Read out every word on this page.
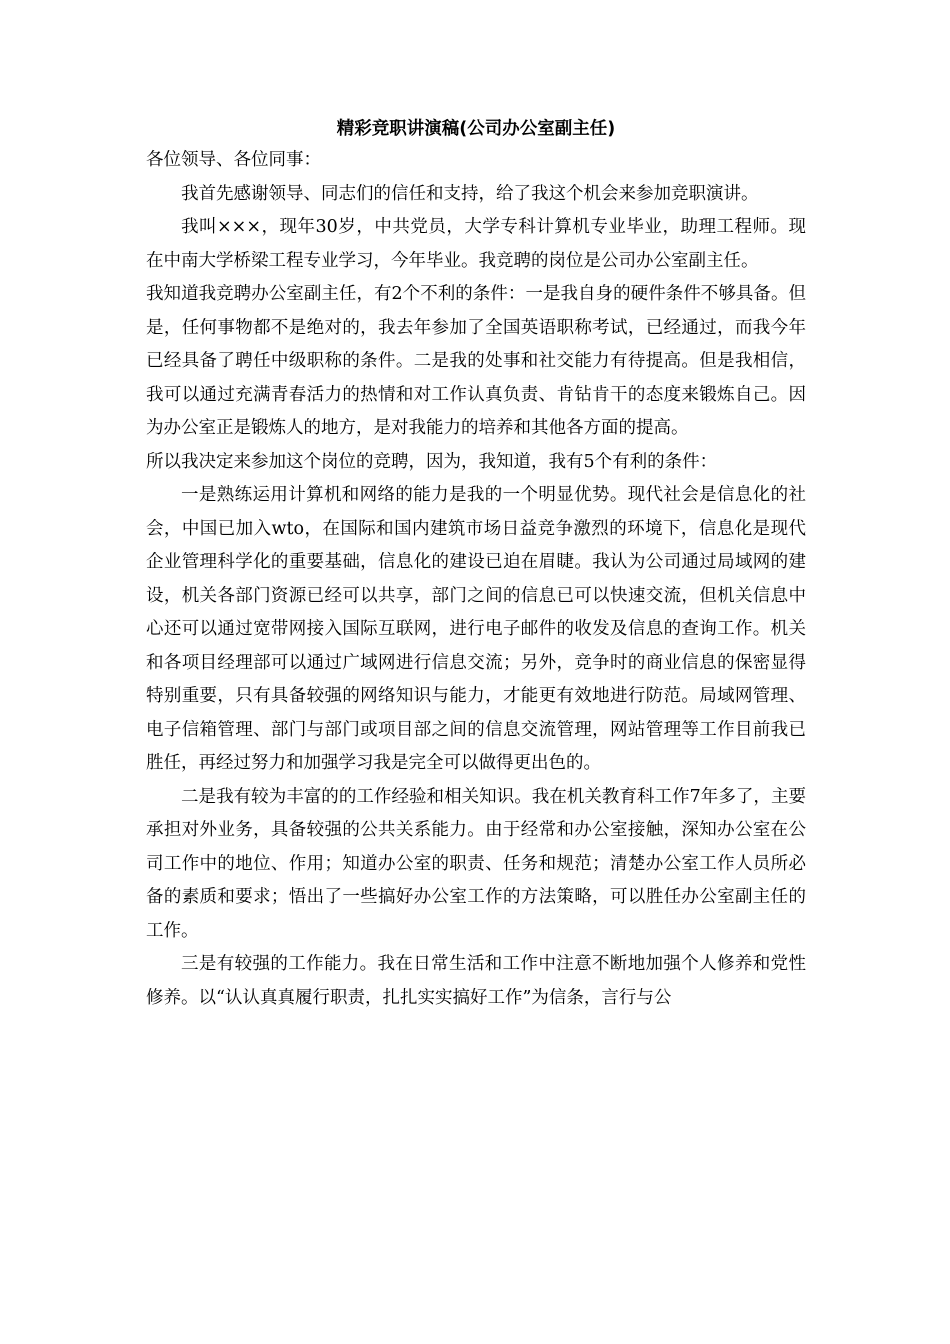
精彩竞职讲演稿(公司办公室副主任)

各位领导、各位同事：

我首先感谢领导、同志们的信任和支持，给了我这个机会来参加竞职演讲。

我叫×××，现年30岁，中共党员，大学专科计算机专业毕业，助理工程师。现在中南大学桥梁工程专业学习，今年毕业。我竞聘的岗位是公司办公室副主任。

我知道我竞聘办公室副主任，有2个不利的条件：一是我自身的硬件条件不够具备。但是，任何事物都不是绝对的，我去年参加了全国英语职称考试，已经通过，而我今年已经具备了聘任中级职称的条件。二是我的处事和社交能力有待提高。但是我相信，我可以通过充满青春活力的热情和对工作认真负责、肯钻肯干的态度来锻炼自己。因为办公室正是锻炼人的地方，是对我能力的培养和其他各方面的提高。

所以我决定来参加这个岗位的竞聘，因为，我知道，我有5个有利的条件：

一是熟练运用计算机和网络的能力是我的一个明显优势。现代社会是信息化的社会，中国已加入wto，在国际和国内建筑市场日益竞争激烈的环境下，信息化是现代企业管理科学化的重要基础，信息化的建设已迫在眉睫。我认为公司通过局域网的建设，机关各部门资源已经可以共享，部门之间的信息已可以快速交流，但机关信息中心还可以通过宽带网接入国际互联网，进行电子邮件的收发及信息的查询工作。机关和各项目经理部可以通过广域网进行信息交流；另外，竞争时的商业信息的保密显得特别重要，只有具备较强的网络知识与能力，才能更有效地进行防范。局域网管理、电子信箱管理、部门与部门或项目部之间的信息交流管理，网站管理等工作目前我已胜任，再经过努力和加强学习我是完全可以做得更出色的。

二是我有较为丰富的的工作经验和相关知识。我在机关教育科工作7年多了，主要承担对外业务，具备较强的公共关系能力。由于经常和办公室接触，深知办公室在公司工作中的地位、作用；知道办公室的职责、任务和规范；清楚办公室工作人员所必备的素质和要求；悟出了一些搞好办公室工作的方法策略，可以胜任办公室副主任的工作。

三是有较强的工作能力。我在日常生活和工作中注意不断地加强个人修养和党性修养。以“认认真真履行职责，扎扎实实搞好工作”为信条，言行与公
